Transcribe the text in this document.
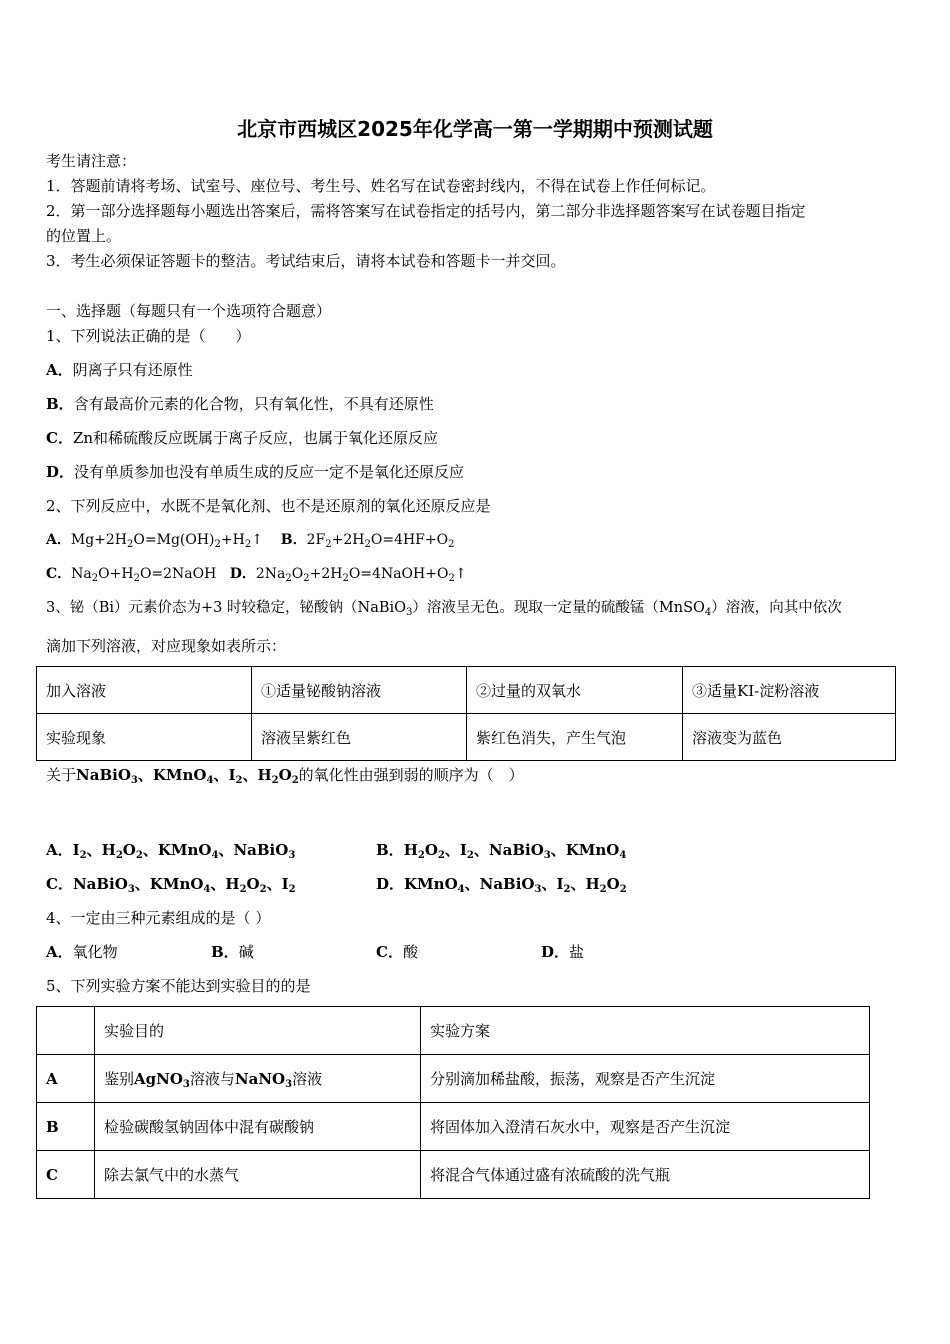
北京市西城区2025年化学高一第一学期期中预测试题
考生请注意：
1．答题前请将考场、试室号、座位号、考生号、姓名写在试卷密封线内，不得在试卷上作任何标记。
2．第一部分选择题每小题选出答案后，需将答案写在试卷指定的括号内，第二部分非选择题答案写在试卷题目指定
的位置上。
3．考生必须保证答题卡的整洁。考试结束后，请将本试卷和答题卡一并交回。
一、选择题（每题只有一个选项符合题意）
1、下列说法正确的是（　　）
A．阴离子只有还原性
B．含有最高价元素的化合物，只有氧化性，不具有还原性
C．Zn和稀硫酸反应既属于离子反应，也属于氧化还原反应
D．没有单质参加也没有单质生成的反应一定不是氧化还原反应
2、下列反应中，水既不是氧化剂、也不是还原剂的氧化还原反应是
A．$Mg+2H_2O=Mg(OH)_2+H_2↑$ B．$2F_2+2H_2O=4HF+O_2$
C．$Na_2O+H_2O=2NaOH$ D．$2Na_2O_2+2H_2O=4NaOH+O_2↑$
3、铋（Bi）元素价态为+3 时较稳定，铋酸钠（NaBiO$_3$）溶液呈无色。现取一定量的硫酸锰（MnSO$_4$）溶液，向其中依次
滴加下列溶液，对应现象如表所示：
加入溶液	①适量铋酸钠溶液	②过量的双氧水	③适量KI-淀粉溶液
实验现象	溶液呈紫红色	紫红色消失，产生气泡	溶液变为蓝色
关于NaBiO$_3$、KMnO$_4$、$I_2$、$H_2O_2$的氧化性由强到弱的顺序为（　）
A．$I_2$、$H_2O_2$、KMnO$_4$、NaBiO$_3$	B．$H_2O_2$、$I_2$、NaBiO$_3$、KMnO$_4$
C．NaBiO$_3$、KMnO$_4$、$H_2O_2$、$I_2$	D．KMnO$_4$、NaBiO$_3$、$I_2$、$H_2O_2$
4、一定由三种元素组成的是（ ）
A．氧化物	B．碱	C．酸	D．盐
5、下列实验方案不能达到实验目的的是
	实验目的	实验方案
A	鉴别AgNO$_3$溶液与NaNO$_3$溶液	分别滴加稀盐酸，振荡，观察是否产生沉淀
B	检验碳酸氢钠固体中混有碳酸钠	将固体加入澄清石灰水中，观察是否产生沉淀
C	除去氯气中的水蒸气	将混合气体通过盛有浓硫酸的洗气瓶
